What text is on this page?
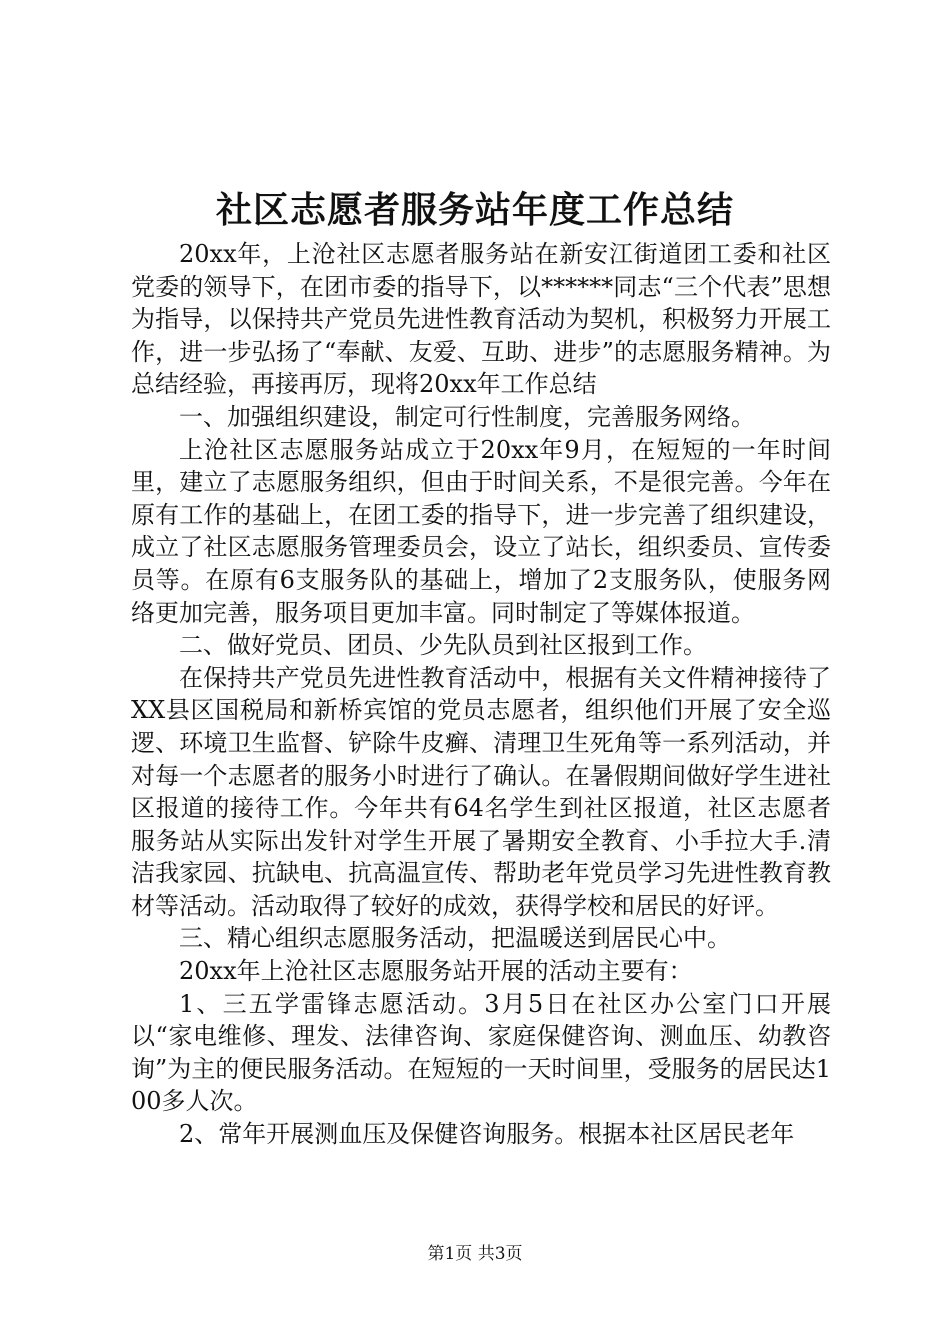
社区志愿者服务站年度工作总结

20xx年，上沧社区志愿者服务站在新安江街道团工委和社区党委的领导下，在团市委的指导下，以******同志“三个代表”思想为指导，以保持共产党员先进性教育活动为契机，积极努力开展工作，进一步弘扬了“奉献、友爱、互助、进步”的志愿服务精神。为总结经验，再接再厉，现将20xx年工作总结

一、加强组织建设，制定可行性制度，完善服务网络。

上沧社区志愿服务站成立于20xx年9月，在短短的一年时间里，建立了志愿服务组织，但由于时间关系，不是很完善。今年在原有工作的基础上，在团工委的指导下，进一步完善了组织建设，成立了社区志愿服务管理委员会，设立了站长，组织委员、宣传委员等。在原有6支服务队的基础上，增加了2支服务队，使服务网络更加完善，服务项目更加丰富。同时制定了等媒体报道。

二、做好党员、团员、少先队员到社区报到工作。

在保持共产党员先进性教育活动中，根据有关文件精神接待了XX县区国税局和新桥宾馆的党员志愿者，组织他们开展了安全巡逻、环境卫生监督、铲除牛皮癣、清理卫生死角等一系列活动，并对每一个志愿者的服务小时进行了确认。在暑假期间做好学生进社区报道的接待工作。今年共有64名学生到社区报道，社区志愿者服务站从实际出发针对学生开展了暑期安全教育、小手拉大手.清洁我家园、抗缺电、抗高温宣传、帮助老年党员学习先进性教育教材等活动。活动取得了较好的成效，获得学校和居民的好评。

三、精心组织志愿服务活动，把温暖送到居民心中。

20xx年上沧社区志愿服务站开展的活动主要有：

1、三五学雷锋志愿活动。3月5日在社区办公室门口开展以“家电维修、理发、法律咨询、家庭保健咨询、测血压、幼教咨询”为主的便民服务活动。在短短的一天时间里，受服务的居民达100多人次。

2、常年开展测血压及保健咨询服务。根据本社区居民老年

第1页 共3页
